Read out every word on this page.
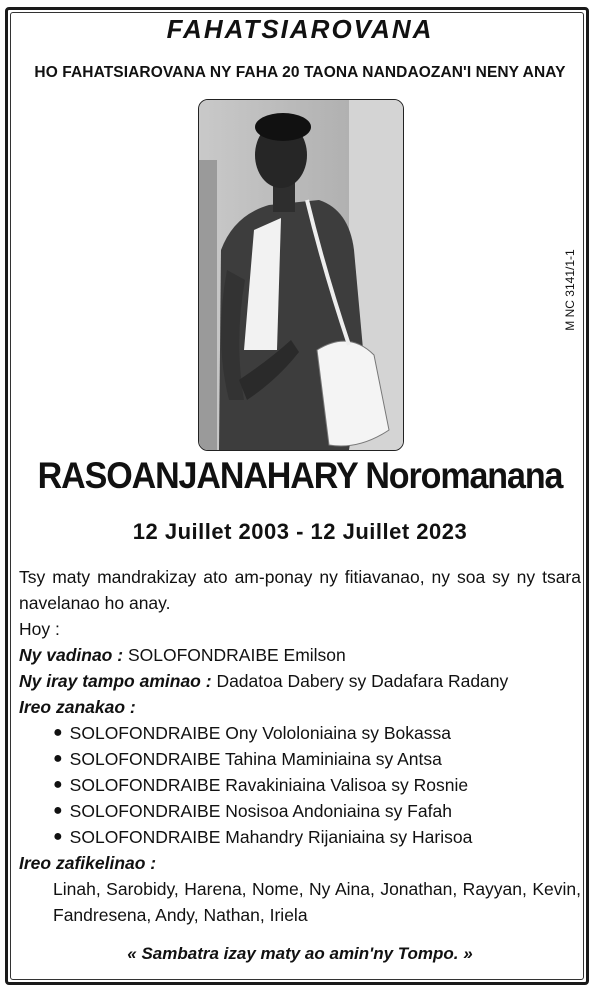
FAHATSIAROVANA
HO FAHATSIAROVANA NY FAHA 20 TAONA NANDAOZAN'I NENY ANAY
M NC 3141/1-1
RASOANJANAHARY Noromanana
12 Juillet 2003 - 12 Juillet 2023

Tsy maty mandrakizay ato am-ponay ny fitiavanao, ny soa sy ny tsara navelanao ho anay.

Hoy :

Ny vadinao : SOLOFONDRAIBE Emilson

Ny iray tampo aminao : Dadatoa Dabery sy Dadafara Radany

Ireo zanakao :

● SOLOFONDRAIBE Ony Vololoniaina sy Bokassa
● SOLOFONDRAIBE Tahina Maminiaina sy Antsa
● SOLOFONDRAIBE Ravakiniaina Valisoa sy Rosnie
● SOLOFONDRAIBE Nosisoa Andoniaina sy Fafah
● SOLOFONDRAIBE Mahandry Rijaniaina sy Harisoa

Ireo zafikelinao :

Linah, Sarobidy, Harena, Nome, Ny Aina, Jonathan, Rayyan, Kevin, Fandresena, Andy, Nathan, Iriela

« Sambatra izay maty ao amin'ny Tompo. »
